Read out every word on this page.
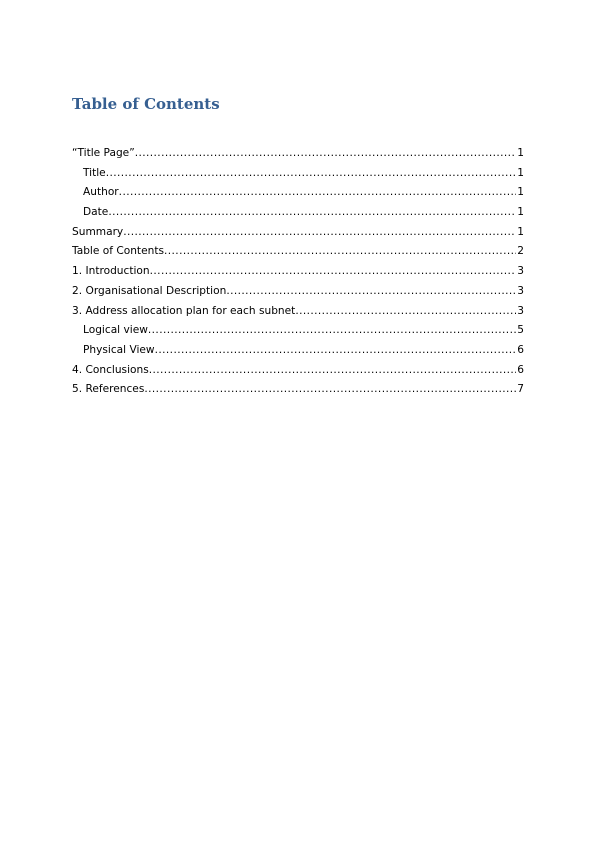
Table of Contents
“Title Page” .....	1
Title .....	1
Author .....	1
Date .....	1
Summary .....	1
Table of Contents .....	2
1. Introduction .....	3
2. Organisational Description .....	3
3. Address allocation plan for each subnet .....	3
Logical view .....	5
Physical View .....	6
4. Conclusions .....	6
5. References .....	7
